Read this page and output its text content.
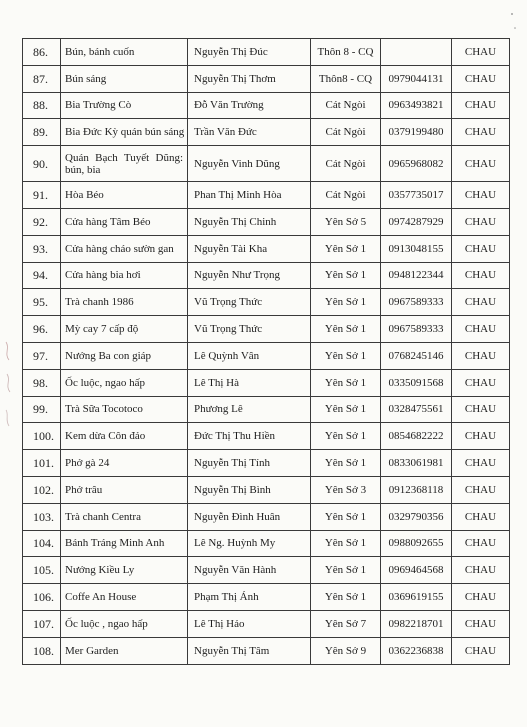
86.	Bún, bánh cuốn	Nguyễn Thị Đúc	Thôn 8 - CQ		CHAU
87.	Bún sáng	Nguyễn Thị Thơm	Thôn8 - CQ	0979044131	CHAU
88.	Bia Trường Cò	Đỗ Văn Trường	Cát Ngòi	0963493821	CHAU
89.	Bia Đức Kỳ quán bún sáng	Trần Văn Đức	Cát Ngòi	0379199480	CHAU
90.	Quán Bạch Tuyết Dũng: bún, bia	Nguyễn Vinh Dũng	Cát Ngòi	0965968082	CHAU
91.	Hòa Béo	Phan Thị Minh Hòa	Cát Ngòi	0357735017	CHAU
92.	Cửa hàng Tâm Béo	Nguyễn Thị Chinh	Yên Sở 5	0974287929	CHAU
93.	Cửa hàng cháo sườn gan	Nguyễn Tài Kha	Yên Sở 1	0913048155	CHAU
94.	Cửa hàng bia hơi	Nguyễn Như Trọng	Yên Sở 1	0948122344	CHAU
95.	Trà chanh 1986	Vũ Trọng Thức	Yên Sở 1	0967589333	CHAU
96.	Mỳ cay 7 cấp độ	Vũ Trọng Thức	Yên Sở 1	0967589333	CHAU
97.	Nướng Ba con giáp	Lê Quỳnh Vân	Yên Sở 1	0768245146	CHAU
98.	Ốc luộc, ngao hấp	Lê Thị Hà	Yên Sở 1	0335091568	CHAU
99.	Trà Sữa Tocotoco	Phương Lê	Yên Sở 1	0328475561	CHAU
100.	Kem dừa Côn đảo	Đức Thị Thu Hiền	Yên Sở 1	0854682222	CHAU
101.	Phở gà 24	Nguyễn Thị Tính	Yên Sở 1	0833061981	CHAU
102.	Phở trâu	Nguyễn Thị Bình	Yên Sở 3	0912368118	CHAU
103.	Trà chanh Centra	Nguyễn Đình Huân	Yên Sở 1	0329790356	CHAU
104.	Bánh Tráng Minh Anh	Lê Ng. Huỳnh My	Yên Sở 1	0988092655	CHAU
105.	Nướng Kiều Ly	Nguyễn Văn Hành	Yên Sở 1	0969464568	CHAU
106.	Coffe An House	Phạm Thị Ánh	Yên Sở 1	0369619155	CHAU
107.	Ốc luộc , ngao hấp	Lê Thị Hảo	Yên Sở 7	0982218701	CHAU
108.	Mer Garden	Nguyễn Thị Tâm	Yên Sở 9	0362236838	CHAU
